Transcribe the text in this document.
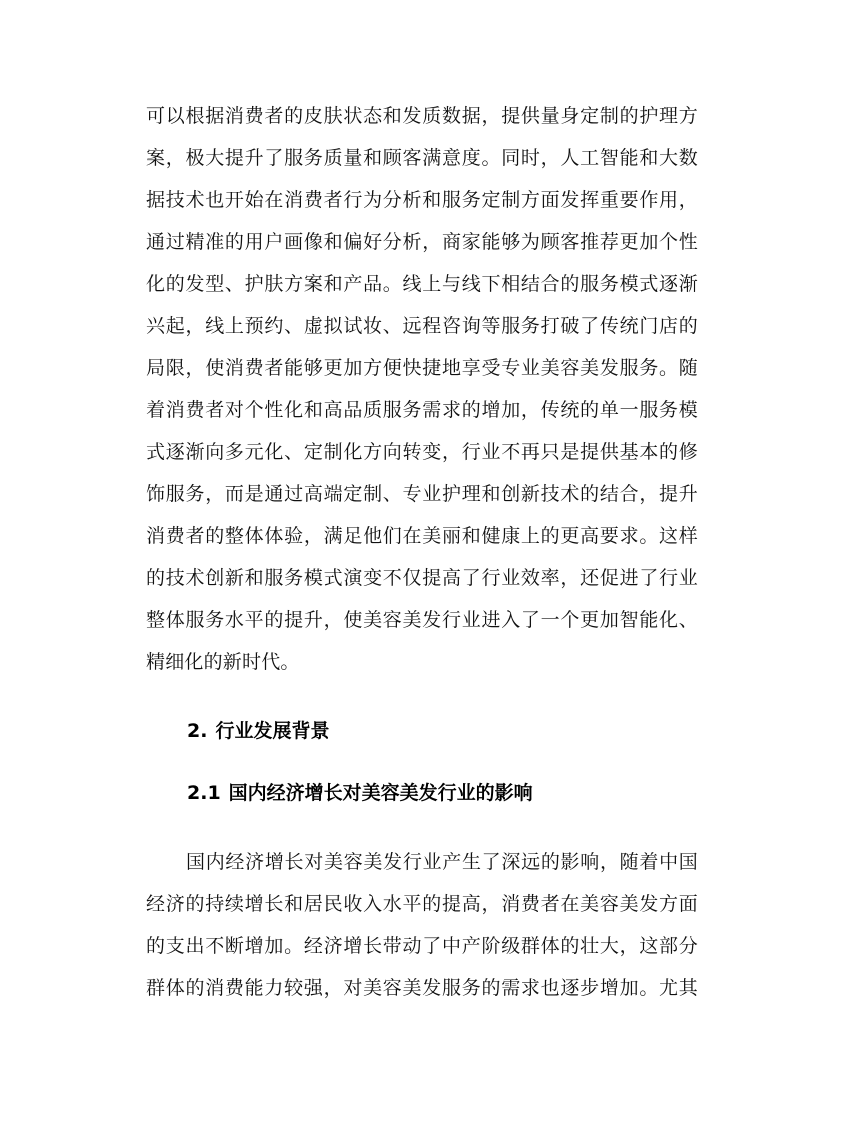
可以根据消费者的皮肤状态和发质数据，提供量身定制的护理方
案，极大提升了服务质量和顾客满意度。同时，人工智能和大数
据技术也开始在消费者行为分析和服务定制方面发挥重要作用，
通过精准的用户画像和偏好分析，商家能够为顾客推荐更加个性
化的发型、护肤方案和产品。线上与线下相结合的服务模式逐渐
兴起，线上预约、虚拟试妆、远程咨询等服务打破了传统门店的
局限，使消费者能够更加方便快捷地享受专业美容美发服务。随
着消费者对个性化和高品质服务需求的增加，传统的单一服务模
式逐渐向多元化、定制化方向转变，行业不再只是提供基本的修
饰服务，而是通过高端定制、专业护理和创新技术的结合，提升
消费者的整体体验，满足他们在美丽和健康上的更高要求。这样
的技术创新和服务模式演变不仅提高了行业效率，还促进了行业
整体服务水平的提升，使美容美发行业进入了一个更加智能化、
精细化的新时代。
2. 行业发展背景
2.1 国内经济增长对美容美发行业的影响
国内经济增长对美容美发行业产生了深远的影响，随着中国
经济的持续增长和居民收入水平的提高，消费者在美容美发方面
的支出不断增加。经济增长带动了中产阶级群体的壮大，这部分
群体的消费能力较强，对美容美发服务的需求也逐步增加。尤其
